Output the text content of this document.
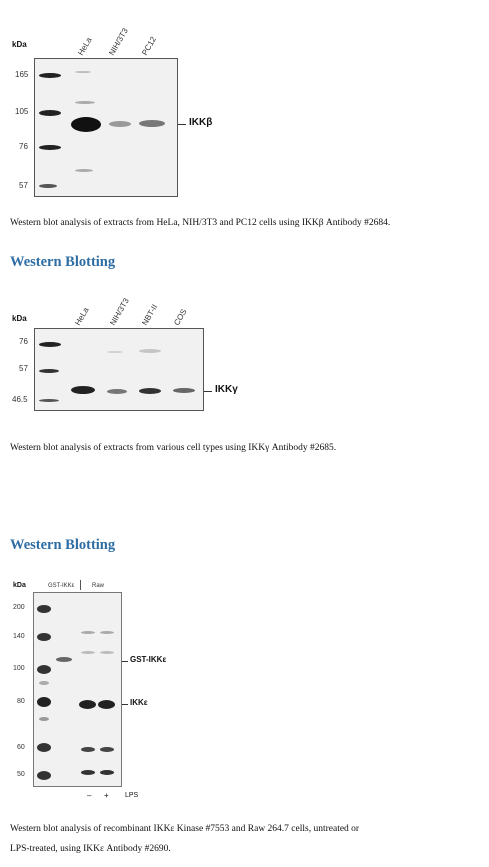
kDa	HeLa NIH/3T3 PC12
165
105
76
57
IKKβ
Western blot analysis of extracts from HeLa, NIH/3T3 and PC12 cells using IKKβ Antibody #2684.
Western Blotting
kDa	HeLa NIH/3T3 NBT-II COS
76
57
46.5
IKKγ
Western blot analysis of extracts from various cell types using IKKγ Antibody #2685.
Western Blotting
kDa	GST-IKKε	Raw
200
140
100
80
60
50
GST-IKKε
IKKε
– + LPS
Western blot analysis of recombinant IKKε Kinase #7553 and Raw 264.7 cells, untreated or
LPS-treated, using IKKε Antibody #2690.
